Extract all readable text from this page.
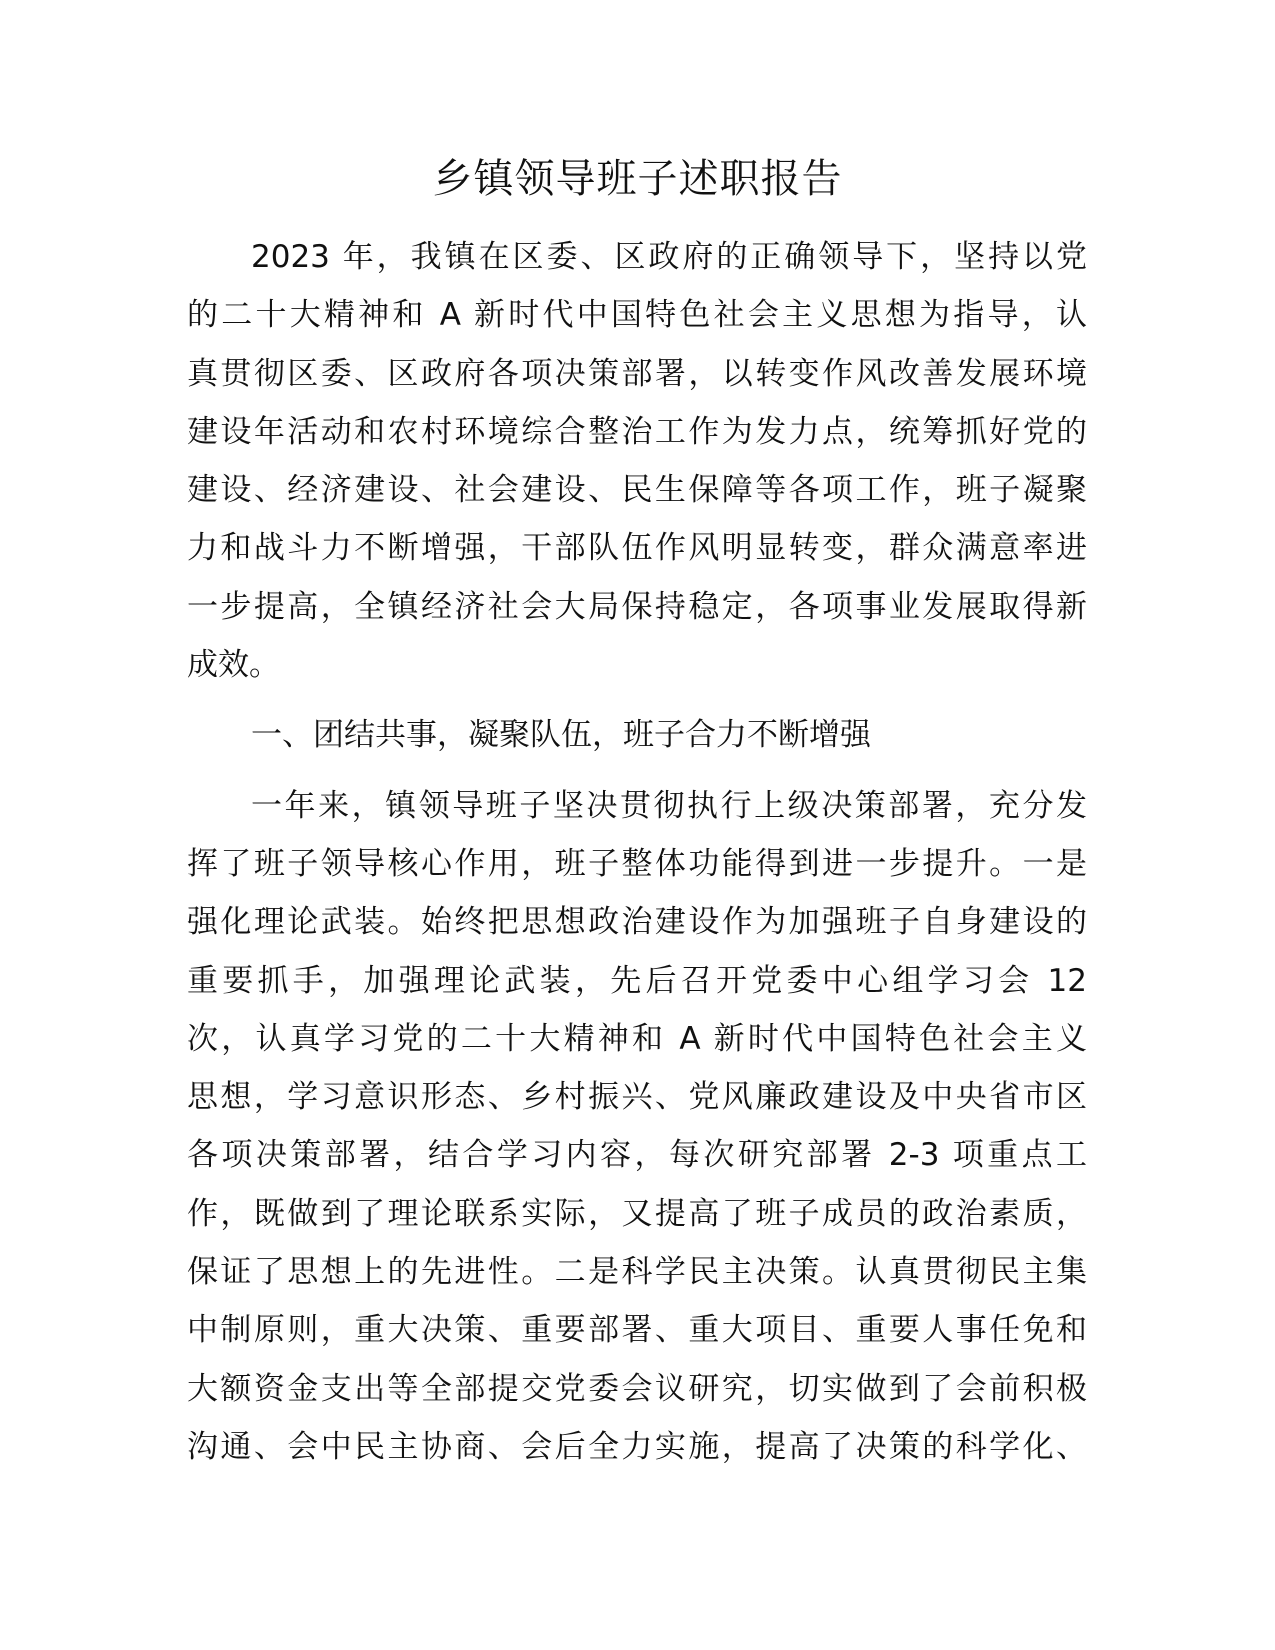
乡镇领导班子述职报告
2023 年，我镇在区委、区政府的正确领导下，坚持以党
的二十大精神和 A 新时代中国特色社会主义思想为指导，认
真贯彻区委、区政府各项决策部署，以转变作风改善发展环境
建设年活动和农村环境综合整治工作为发力点，统筹抓好党的
建设、经济建设、社会建设、民生保障等各项工作，班子凝聚
力和战斗力不断增强，干部队伍作风明显转变，群众满意率进
一步提高，全镇经济社会大局保持稳定，各项事业发展取得新
成效。
一、团结共事，凝聚队伍，班子合力不断增强
一年来，镇领导班子坚决贯彻执行上级决策部署，充分发
挥了班子领导核心作用，班子整体功能得到进一步提升。一是
强化理论武装。始终把思想政治建设作为加强班子自身建设的
重要抓手，加强理论武装，先后召开党委中心组学习会 12
次，认真学习党的二十大精神和 A 新时代中国特色社会主义
思想，学习意识形态、乡村振兴、党风廉政建设及中央省市区
各项决策部署，结合学习内容，每次研究部署 2-3 项重点工
作，既做到了理论联系实际，又提高了班子成员的政治素质，
保证了思想上的先进性。二是科学民主决策。认真贯彻民主集
中制原则，重大决策、重要部署、重大项目、重要人事任免和
大额资金支出等全部提交党委会议研究，切实做到了会前积极
沟通、会中民主协商、会后全力实施，提高了决策的科学化、
